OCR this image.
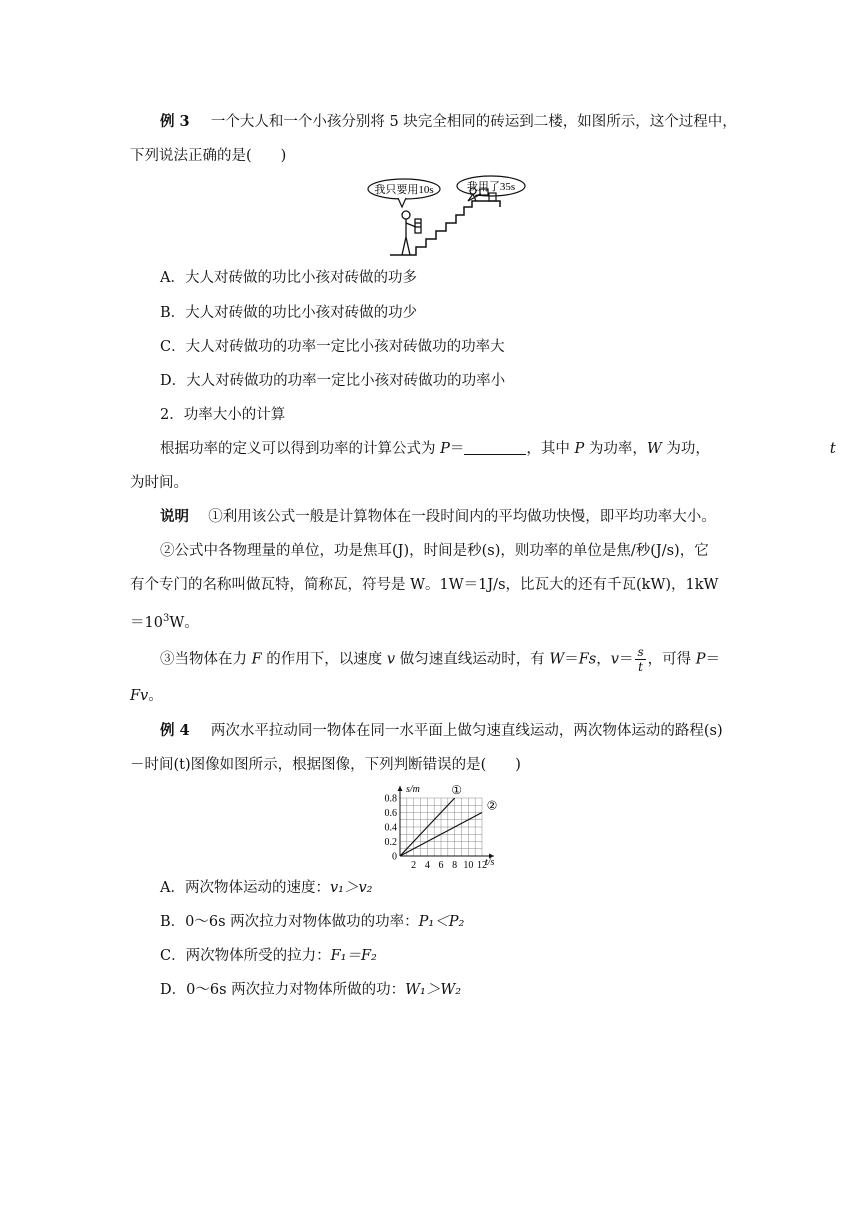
例 3 一个大人和一个小孩分别将 5 块完全相同的砖运到二楼，如图所示，这个过程中，
下列说法正确的是(　　)
我只要用10s	我用了35s
A．大人对砖做的功比小孩对砖做的功多
B．大人对砖做的功比小孩对砖做的功少
C．大人对砖做功的功率一定比小孩对砖做功的功率大
D．大人对砖做功的功率一定比小孩对砖做功的功率小
2．功率大小的计算
根据功率的定义可以得到功率的计算公式为 P＝	，其中 P 为功率，W 为功，	t
为时间。
说明 ①利用该公式一般是计算物体在一段时间内的平均做功快慢，即平均功率大小。
②公式中各物理量的单位，功是焦耳(J)，时间是秒(s)，则功率的单位是焦/秒(J/s)，它
有个专门的名称叫做瓦特，简称瓦，符号是 W。1W＝1J/s，比瓦大的还有千瓦(kW)，1kW
$=10^3W$。
③当物体在力 F 的作用下，以速度 v 做匀速直线运动时，有 W＝Fs，$v= \frac{s}{t}$ ，可得 P＝
Fv。
例 4 两次水平拉动同一物体在同一水平面上做匀速直线运动，两次物体运动的路程(s)
－时间(t)图像如图所示，根据图像，下列判断错误的是(　　)
①
②
0.8
0.6
0.4
0.2
0
2 4 6 8 10 12
s/m
t/s
A．两次物体运动的速度：v₁＞v₂
B．0～6s 两次拉力对物体做功的功率：P₁＜P₂
C．两次物体所受的拉力：F₁＝F₂
D．0～6s 两次拉力对物体所做的功：W₁＞W₂
